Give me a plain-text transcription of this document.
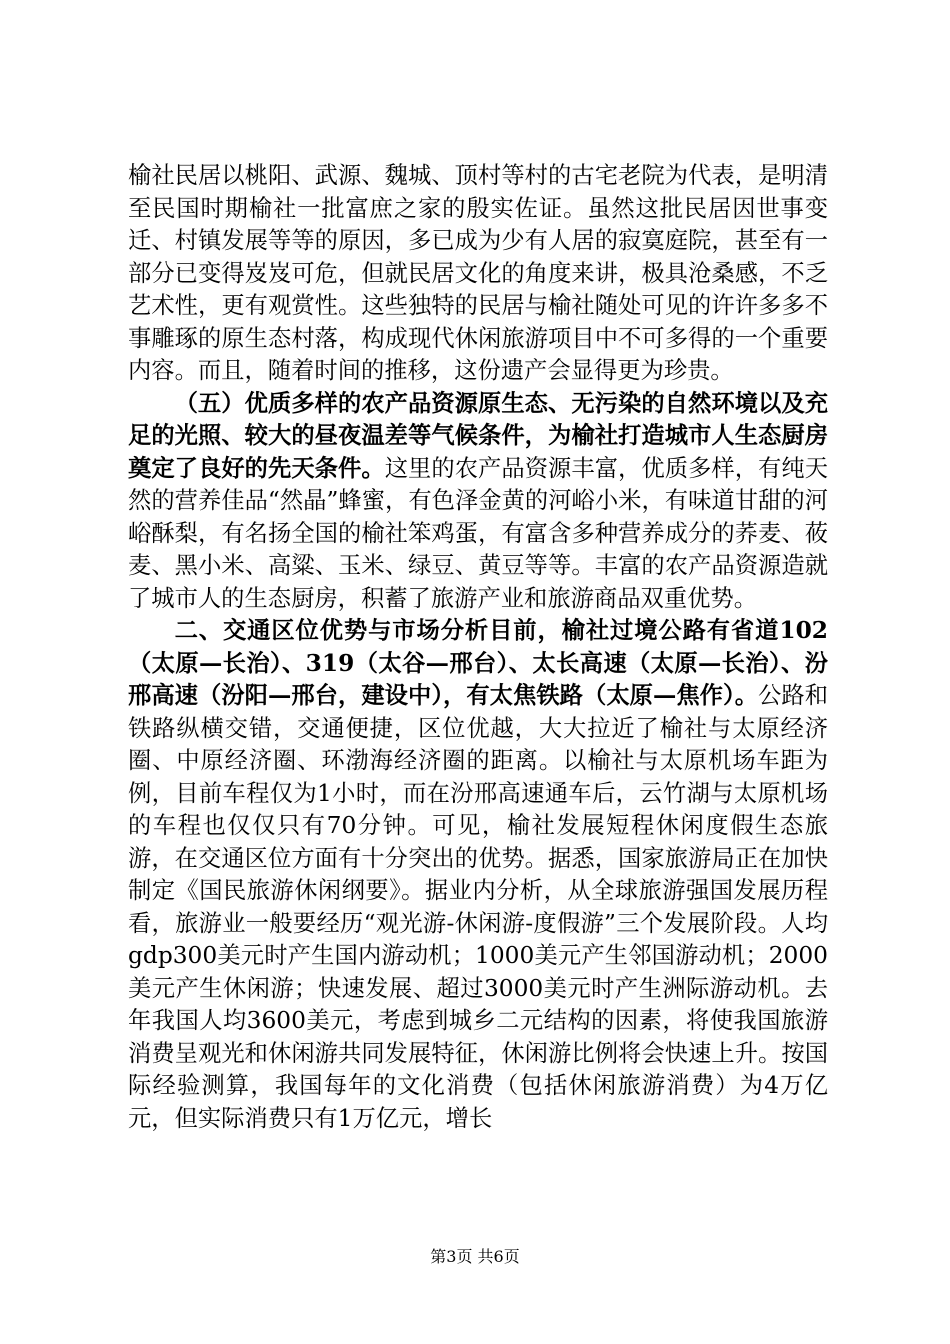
榆社民居以桃阳、武源、魏城、顶村等村的古宅老院为代表，是明清至民国时期榆社一批富庶之家的殷实佐证。虽然这批民居因世事变迁、村镇发展等等的原因，多已成为少有人居的寂寞庭院，甚至有一部分已变得岌岌可危，但就民居文化的角度来讲，极具沧桑感，不乏艺术性，更有观赏性。这些独特的民居与榆社随处可见的许许多多不事雕琢的原生态村落，构成现代休闲旅游项目中不可多得的一个重要内容。而且，随着时间的推移，这份遗产会显得更为珍贵。

（五）优质多样的农产品资源原生态、无污染的自然环境以及充足的光照、较大的昼夜温差等气候条件，为榆社打造城市人生态厨房奠定了良好的先天条件。这里的农产品资源丰富，优质多样，有纯天然的营养佳品“然晶”蜂蜜，有色泽金黄的河峪小米，有味道甘甜的河峪酥梨，有名扬全国的榆社笨鸡蛋，有富含多种营养成分的荞麦、莜麦、黑小米、高粱、玉米、绿豆、黄豆等等。丰富的农产品资源造就了城市人的生态厨房，积蓄了旅游产业和旅游商品双重优势。

二、交通区位优势与市场分析目前，榆社过境公路有省道102（太原—长治）、319（太谷—邢台）、太长高速（太原—长治）、汾邢高速（汾阳—邢台，建设中），有太焦铁路（太原—焦作）。公路和铁路纵横交错，交通便捷，区位优越，大大拉近了榆社与太原经济圈、中原经济圈、环渤海经济圈的距离。以榆社与太原机场车距为例，目前车程仅为1小时，而在汾邢高速通车后，云竹湖与太原机场的车程也仅仅只有70分钟。可见，榆社发展短程休闲度假生态旅游，在交通区位方面有十分突出的优势。据悉，国家旅游局正在加快制定《国民旅游休闲纲要》。据业内分析，从全球旅游强国发展历程看，旅游业一般要经历“观光游-休闲游-度假游”三个发展阶段。人均gdp300美元时产生国内游动机；1000美元产生邻国游动机；2000美元产生休闲游；快速发展、超过3000美元时产生洲际游动机。去年我国人均3600美元，考虑到城乡二元结构的因素，将使我国旅游消费呈观光和休闲游共同发展特征，休闲游比例将会快速上升。按国际经验测算，我国每年的文化消费（包括休闲旅游消费）为4万亿元，但实际消费只有1万亿元，增长

第3页 共6页
